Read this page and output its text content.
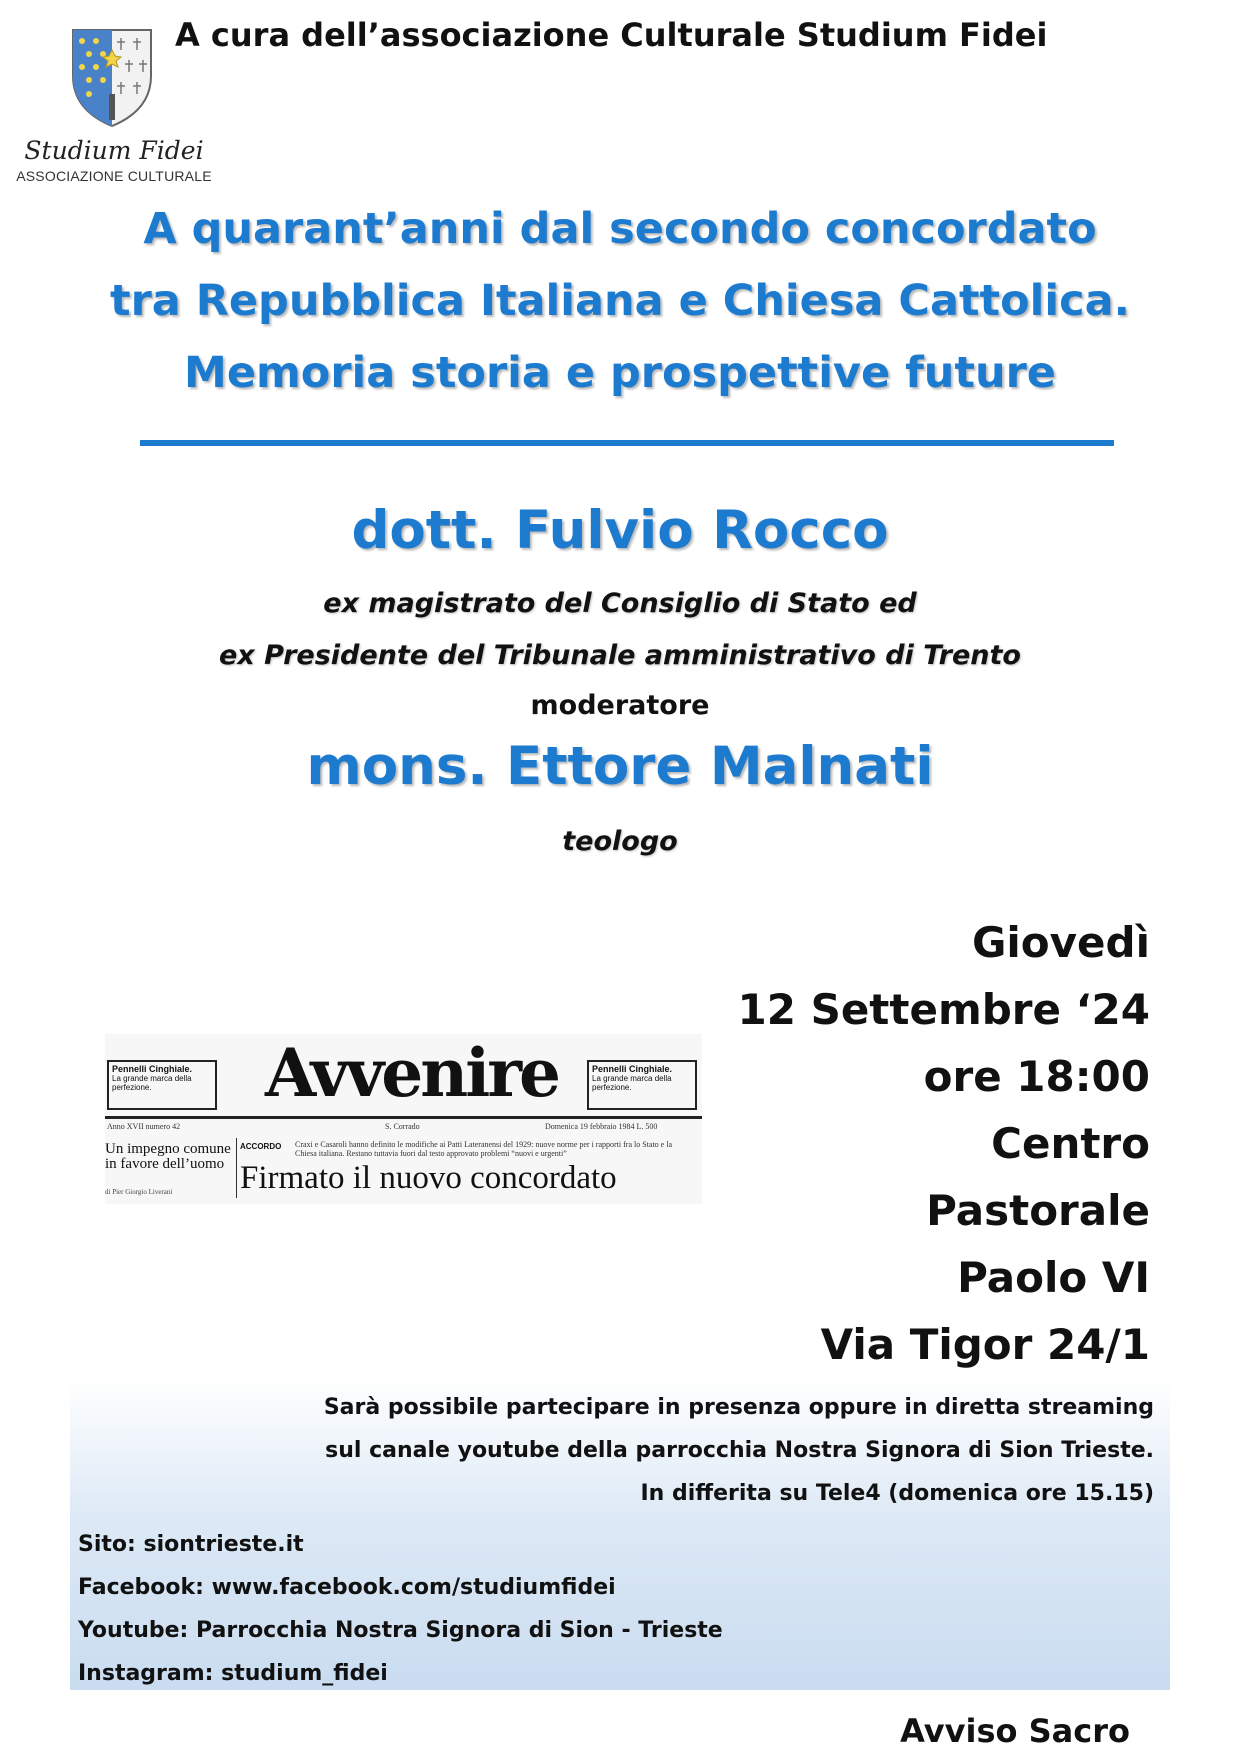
Studium Fidei
ASSOCIAZIONE CULTURALE
A cura dell’associazione Culturale Studium Fidei
A quarant’anni dal secondo concordato
tra Repubblica Italiana e Chiesa Cattolica.
Memoria storia e prospettive future
dott. Fulvio Rocco
ex magistrato del Consiglio di Stato ed
ex Presidente del Tribunale amministrativo di Trento
moderatore
mons. Ettore Malnati
teologo
Giovedì
12 Settembre ‘24
ore 18:00
Centro
Pastorale
Paolo VI
Via Tigor 24/1
Pennelli Cinghiale.
La grande marca della perfezione.	Avvenire	Pennelli Cinghiale.
La grande marca della perfezione.
Anno XVII numero 42	S. Corrado	Domenica 19 febbraio 1984 L. 500
Un impegno comune in favore dell’uomo
di Pier Giorgio Liverani
ACCORDO Craxi e Casaroli hanno definito le modifiche ai Patti Lateranensi del 1929: nuove norme per i rapporti fra lo Stato e la Chiesa italiana. Restano tuttavia fuori dal testo approvato problemi “nuovi e urgenti”
Firmato il nuovo concordato
Sarà possibile partecipare in presenza oppure in diretta streaming
sul canale youtube della parrocchia Nostra Signora di Sion Trieste.
In differita su Tele4 (domenica ore 15.15)
Sito: siontrieste.it
Facebook: www.facebook.com/studiumfidei
Youtube: Parrocchia Nostra Signora di Sion - Trieste
Instagram: studium_fidei
Avviso Sacro
